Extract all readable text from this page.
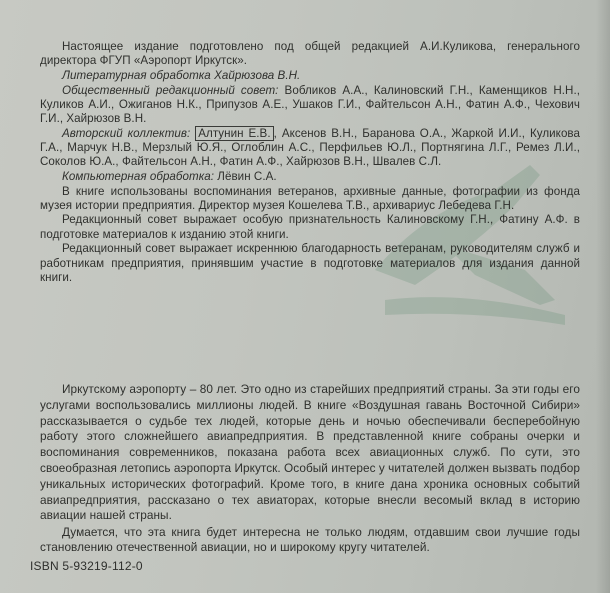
Настоящее издание подготовлено под общей редакцией А.И.Куликова, генерального директора ФГУП «Аэропорт Иркутск».

Литературная обработка Хайрюзова В.Н.

Общественный редакционный совет: Вобликов А.А., Калиновский Г.Н., Каменщиков Н.Н., Куликов А.И., Ожиганов Н.К., Припузов А.Е., Ушаков Г.И., Файтельсон А.Н., Фатин А.Ф., Чехович Г.И., Хайрюзов В.Н.

Авторский коллектив: Алтунин Е.В. , Аксенов В.Н., Баранова О.А., Жаркой И.И., Куликова Г.А., Марчук Н.В., Мерзлый Ю.Я., Оглоблин А.С., Перфильев Ю.Л., Портнягина Л.Г., Ремез Л.И., Соколов Ю.А., Файтельсон А.Н., Фатин А.Ф., Хайрюзов В.Н., Швалев С.Л.

Компьютерная обработка: Лёвин С.А.

В книге использованы воспоминания ветеранов, архивные данные, фотографии из фонда музея истории предприятия. Директор музея Кошелева Т.В., архивариус Лебедева Г.Н.

Редакционный совет выражает особую признательность Калиновскому Г.Н., Фатину А.Ф. в подготовке материалов к изданию этой книги.

Редакционный совет выражает искреннюю благодарность ветеранам, руководителям служб и работникам предприятия, принявшим участие в подготовке материалов для издания данной книги.

Иркутскому аэропорту – 80 лет. Это одно из старейших предприятий страны. За эти годы его услугами воспользовались миллионы людей. В книге «Воздушная гавань Восточной Сибири» рассказывается о судьбе тех людей, которые день и ночью обеспечивали бесперебойную работу этого сложнейшего авиапредприятия. В представленной книге собраны очерки и воспоминания современников, показана работа всех авиационных служб. По сути, это своеобразная летопись аэропорта Иркутск. Особый интерес у читателей должен вызвать подбор уникальных исторических фотографий. Кроме того, в книге дана хроника основных событий авиапредприятия, рассказано о тех авиаторах, которые внесли весомый вклад в историю авиации нашей страны.

Думается, что эта книга будет интересна не только людям, отдавшим свои лучшие годы становлению отечественной авиации, но и широкому кругу читателей.

ISBN 5-93219-112-0
